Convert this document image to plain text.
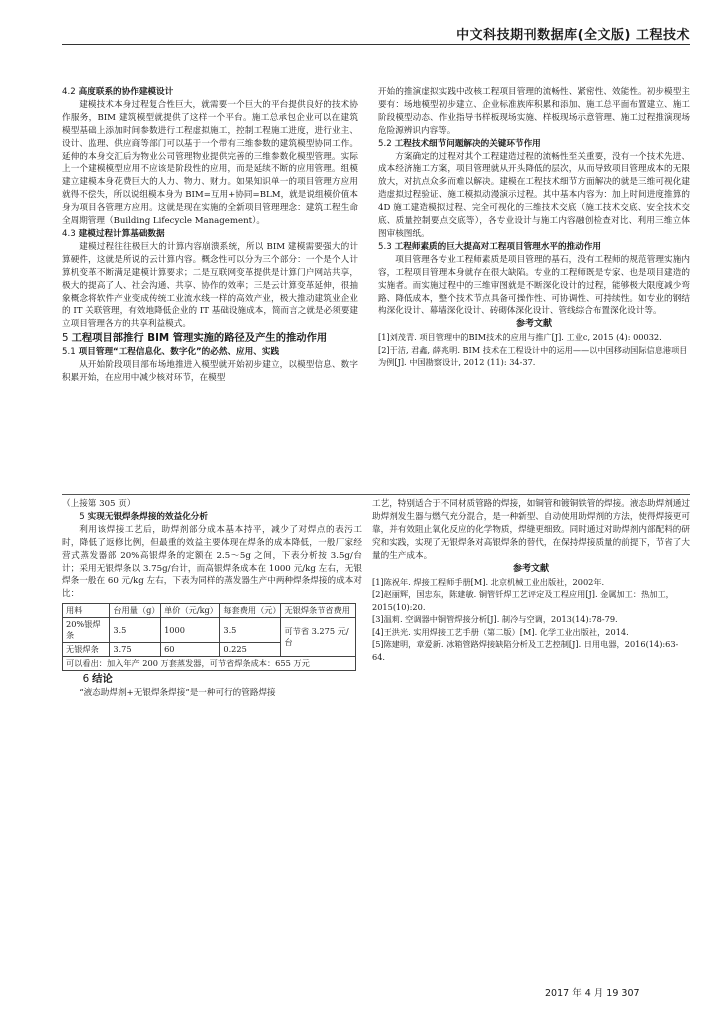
中文科技期刊数据库(全文版) 工程技术
4.2 高度联系的协作建模设计

建模技术本身过程复合性巨大，就需要一个巨大的平台提供良好的技术协作服务，BIM 建筑模型就提供了这样一个平台。施工总承包企业可以在建筑模型基础上添加时间参数进行工程虚拟施工，控制工程施工进度，进行业主、设计、监理、供应商等部门可以基于一个带有三维参数的建筑模型协同工作。延伸的本身交汇后为物业公司管理物业提供完善的三维参数化模型管理。实际上一个建模模型应用不应该是阶段性的应用，而是延续不断的应用管理。组模建立建模本身花费巨大的人力、物力、财力。如果知识单一的项目管理方应用就得不偿失，所以说组模本身为 BIM=互用+协同=BLM，就是说组模价值本身为项目各管理方应用。这就是现在实施的全新项目管理理念：建筑工程生命全周期管理（Building Lifecycle Management）。

4.3 建模过程计算基础数据

建模过程往往极巨大的计算内容崩溃系统，所以 BIM 建模需要强大的计算硬件，这就是所说的云计算内容。概念性可以分为三个部分：一个是个人计算机变革不断满足建模计算要求；二是互联网变革提供是计算门户网站共享，极大的提高了人、社会沟通、共享、协作的效率；三是云计算变革延伸，很抽象概念将软件产业变成传统工业流水线一样的高效产业，极大推动建筑业企业的 IT 关联管理，有效地降低企业的 IT 基础设施成本，简而言之就是必须要建立项目管理各方的共享利益模式。

5 工程项目部推行 BIM 管理实施的路径及产生的推动作用
5.1 项目管理“工程信息化、数字化”的必然、应用、实践

从开始阶段项目部布场地推进入模型就开始初步建立，以模型信息、数字积累开始，在应用中减少核对环节，在模型

开始的推演虚拟实践中改核工程项目管理的流畅性、紧密性、效能性。初步模型主要有：场地模型初步建立、企业标准族库积累和添加、施工总平面布置建立、施工阶段模型动态、作业指导书样板现场实施、样板现场示意管理、施工过程推演现场危险源辨识内容等。

5.2 工程技术细节问题解决的关键环节作用

方案确定的过程对其个工程建造过程的流畅性至关重要，没有一个技术先进、成本经济施工方案，项目管理就从开头降低的层次，从而导致项目管理成本的无限放大，对抗点众多而难以解决。建模在工程技术细节方面解决的就是三维可视化建造虚拟过程验证、施工模拟动漫演示过程。其中基本内容为：加上时间进度推算的 4D 施工建造模拟过程、完全可视化的三维技术交底（施工技术交底、安全技术交底、质量控制要点交底等），各专业设计与施工内容融创检查对比、利用三维立体图审核图纸。

5.3 工程师素质的巨大提高对工程项目管理水平的推动作用

项目管理各专业工程师素质是项目管理的基石，没有工程师的规范管理实施内容，工程项目管理本身就存在很大缺陷。专业的工程师既是专家、也是项目建造的实施者。而实施过程中的三维审图就是不断深化设计的过程，能够极大限度减少弯路、降低成本，整个技术节点具备可操作性、可协调性、可持续性。如专业的钢结构深化设计、幕墙深化设计、砖砌体深化设计、管线综合布置深化设计等。

参考文献
[1]刘茂青. 项目管理中的BIM技术的应用与推广[J]. 工业c, 2015 (4): 00032.
[2]于洁, 君鑫, 薛兆明. BIM 技术在工程设计中的运用——以中国移动国际信息港项目为例[J]. 中国勘察设计, 2012 (11): 34-37.
（上接第 305 页）
5 实现无银焊条焊接的效益化分析

利用该焊接工艺后，助焊剂部分成本基本持平，减少了对焊点的表污工时，降低了返修比例，但最重的效益主要体现在焊条的成本降低，一般厂家经营式蒸发器部 20%高银焊条的定额在 2.5～5g 之间，下表分析按 3.5g/台计；采用无银焊条以 3.75g/台计，而高银焊条成本在 1000 元/kg 左右，无银焊条一般在 60 元/kg 左右，下表为同样的蒸发器生产中两种焊条焊接的成本对比：

用料	台用量（g）	单价（元/kg）	每套费用（元）	无银焊条节省费用
20%银焊条	3.5	1000	3.5	可节省 3.275 元/台
无银焊条	3.75	60	0.225	
可以看出：加入年产 200 万套蒸发器，可节省焊条成本：655 万元				
6 结论

“液态助焊剂+无银焊条焊接”是一种可行的管路焊接

工艺，特别适合于不同材质管路的焊接，如铜管和镀铜铁管的焊接。液态助焊剂通过助焊剂发生器与燃气充分混合，是一种新型、自动使用助焊剂的方法，使得焊接更可靠，并有效阻止氧化反应的化学物质，焊缝更细致。同时通过对助焊剂内部配料的研究和实践，实现了无银焊条对高银焊条的替代，在保持焊接质量的前提下，节省了大量的生产成本。

参考文献
[1]陈祝年. 焊接工程师手册[M]. 北京机械工业出版社，2002年.
[2]赵丽辉，国忠东，陈建敏. 铜管钎焊工艺评定及工程应用[J]. 金属加工：热加工，2015(10):20.
[3]温莉. 空调器中铜管焊接分析[J]. 制冷与空调，2013(14):78-79.
[4]王洪光. 实用焊接工艺手册（第二版）[M]. 化学工业出版社，2014.
[5]陈建明，章爱新. 冰箱管路焊接缺陷分析及工艺控制[J]. 日用电器，2016(14):63-64.
2017 年 4 月 19 307
